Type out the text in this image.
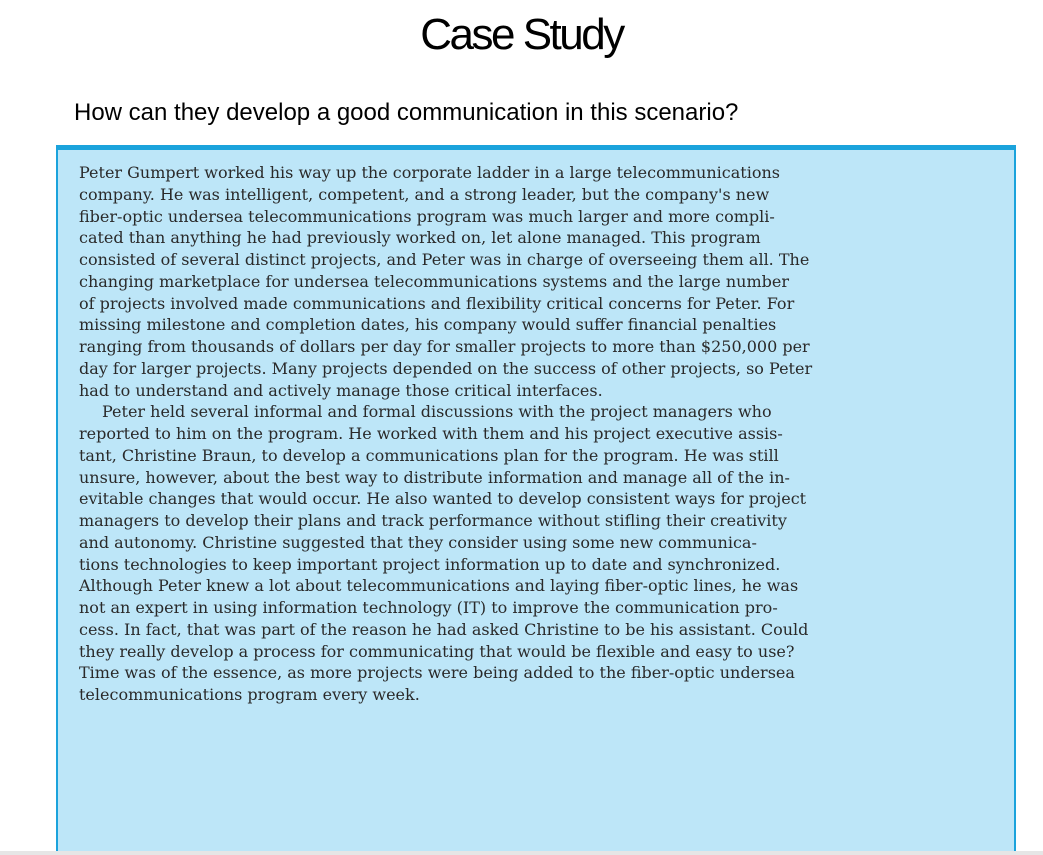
Case Study

How can they develop a good communication in this scenario?

Peter Gumpert worked his way up the corporate ladder in a large telecommunications
company. He was intelligent, competent, and a strong leader, but the company's new
fiber-optic undersea telecommunications program was much larger and more compli-
cated than anything he had previously worked on, let alone managed. This program
consisted of several distinct projects, and Peter was in charge of overseeing them all. The
changing marketplace for undersea telecommunications systems and the large number
of projects involved made communications and flexibility critical concerns for Peter. For
missing milestone and completion dates, his company would suffer financial penalties
ranging from thousands of dollars per day for smaller projects to more than $250,000 per
day for larger projects. Many projects depended on the success of other projects, so Peter
had to understand and actively manage those critical interfaces.

Peter held several informal and formal discussions with the project managers who
reported to him on the program. He worked with them and his project executive assis-
tant, Christine Braun, to develop a communications plan for the program. He was still
unsure, however, about the best way to distribute information and manage all of the in-
evitable changes that would occur. He also wanted to develop consistent ways for project
managers to develop their plans and track performance without stifling their creativity
and autonomy. Christine suggested that they consider using some new communica-
tions technologies to keep important project information up to date and synchronized.
Although Peter knew a lot about telecommunications and laying fiber-optic lines, he was
not an expert in using information technology (IT) to improve the communication pro-
cess. In fact, that was part of the reason he had asked Christine to be his assistant. Could
they really develop a process for communicating that would be flexible and easy to use?
Time was of the essence, as more projects were being added to the fiber-optic undersea
telecommunications program every week.
